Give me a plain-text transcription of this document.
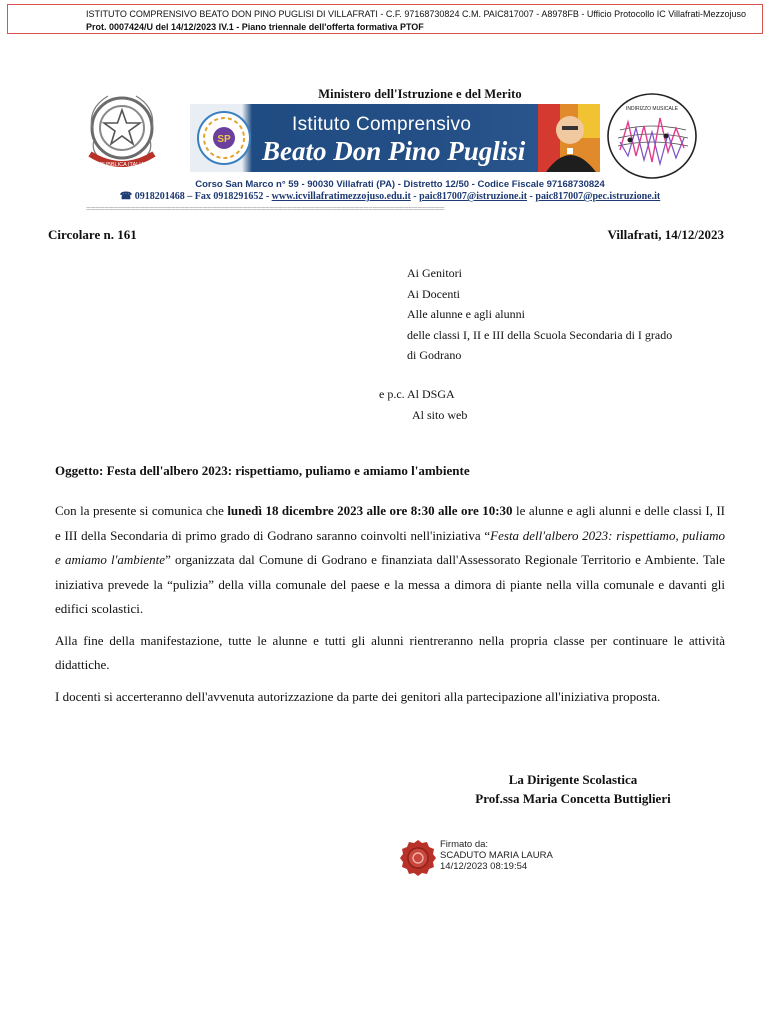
ISTITUTO COMPRENSIVO BEATO DON PINO PUGLISI DI VILLAFRATI - C.F. 97168730824 C.M. PAIC817007 - A8978FB - Ufficio Protocollo IC Villafrati-Mezzojuso
Prot. 0007424/U del 14/12/2023 IV.1 - Piano triennale dell'offerta formativa PTOF
REPUBBLICA ITALIANA
Ministero dell'Istruzione e del Merito
SP
Istituto Comprensivo
Beato Don Pino Puglisi
INDIRIZZO MUSICALE
Corso San Marco n° 59 - 90030 Villafrati (PA) - Distretto 12/50 - Codice Fiscale 97168730824
☎ 0918201468 – Fax 0918291652 - www.icvillafratimezzojuso.edu.it - paic817007@istruzione.it - paic817007@pec.istruzione.it
================================================================================
Circolare n. 161	Villafrati, 14/12/2023
Ai Genitori
Ai Docenti
Alle alunne e agli alunni
delle classi I, II e III della Scuola Secondaria di I grado
di Godrano
e p.c. Al DSGA
Al sito web
Oggetto: Festa dell'albero 2023: rispettiamo, puliamo e amiamo l'ambiente

Con la presente si comunica che lunedì 18 dicembre 2023 alle ore 8:30 alle ore 10:30 le alunne e agli alunni e delle classi I, II e III della Secondaria di primo grado di Godrano saranno coinvolti nell'iniziativa “Festa dell'albero 2023: rispettiamo, puliamo e amiamo l'ambiente” organizzata dal Comune di Godrano e finanziata dall'Assessorato Regionale Territorio e Ambiente. Tale iniziativa prevede la “pulizia” della villa comunale del paese e la messa a dimora di piante nella villa comunale e davanti gli edifici scolastici.

Alla fine della manifestazione, tutte le alunne e tutti gli alunni rientreranno nella propria classe per continuare le attività didattiche.

I docenti si accerteranno dell'avvenuta autorizzazione da parte dei genitori alla partecipazione all'iniziativa proposta.

La Dirigente Scolastica
Prof.ssa Maria Concetta Buttiglieri
Firmato da:
SCADUTO MARIA LAURA
14/12/2023 08:19:54
